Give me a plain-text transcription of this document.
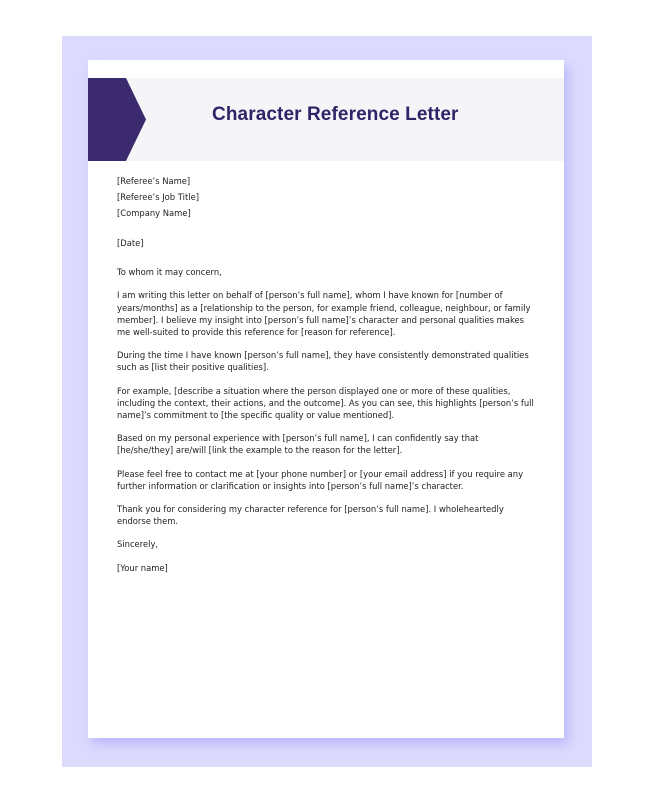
Character Reference Letter

[Referee’s Name]

[Referee’s Job Title]

[Company Name]

[Date]

To whom it may concern,

I am writing this letter on behalf of [person’s full name], whom I have known for [number of years/months] as a [relationship to the person, for example friend, colleague, neighbour, or family member]. I believe my insight into [person’s full name]’s character and personal qualities makes me well-suited to provide this reference for [reason for reference].

During the time I have known [person’s full name], they have consistently demonstrated qualities such as [list their positive qualities].

For example, [describe a situation where the person displayed one or more of these qualities, including the context, their actions, and the outcome]. As you can see, this highlights [person’s full name]’s commitment to [the specific quality or value mentioned].

Based on my personal experience with [person’s full name], I can confidently say that [he/she/they] are/will [link the example to the reason for the letter].

Please feel free to contact me at [your phone number] or [your email address] if you require any further information or clarification or insights into [person’s full name]’s character.

Thank you for considering my character reference for [person’s full name]. I wholeheartedly endorse them.

Sincerely,

[Your name]
